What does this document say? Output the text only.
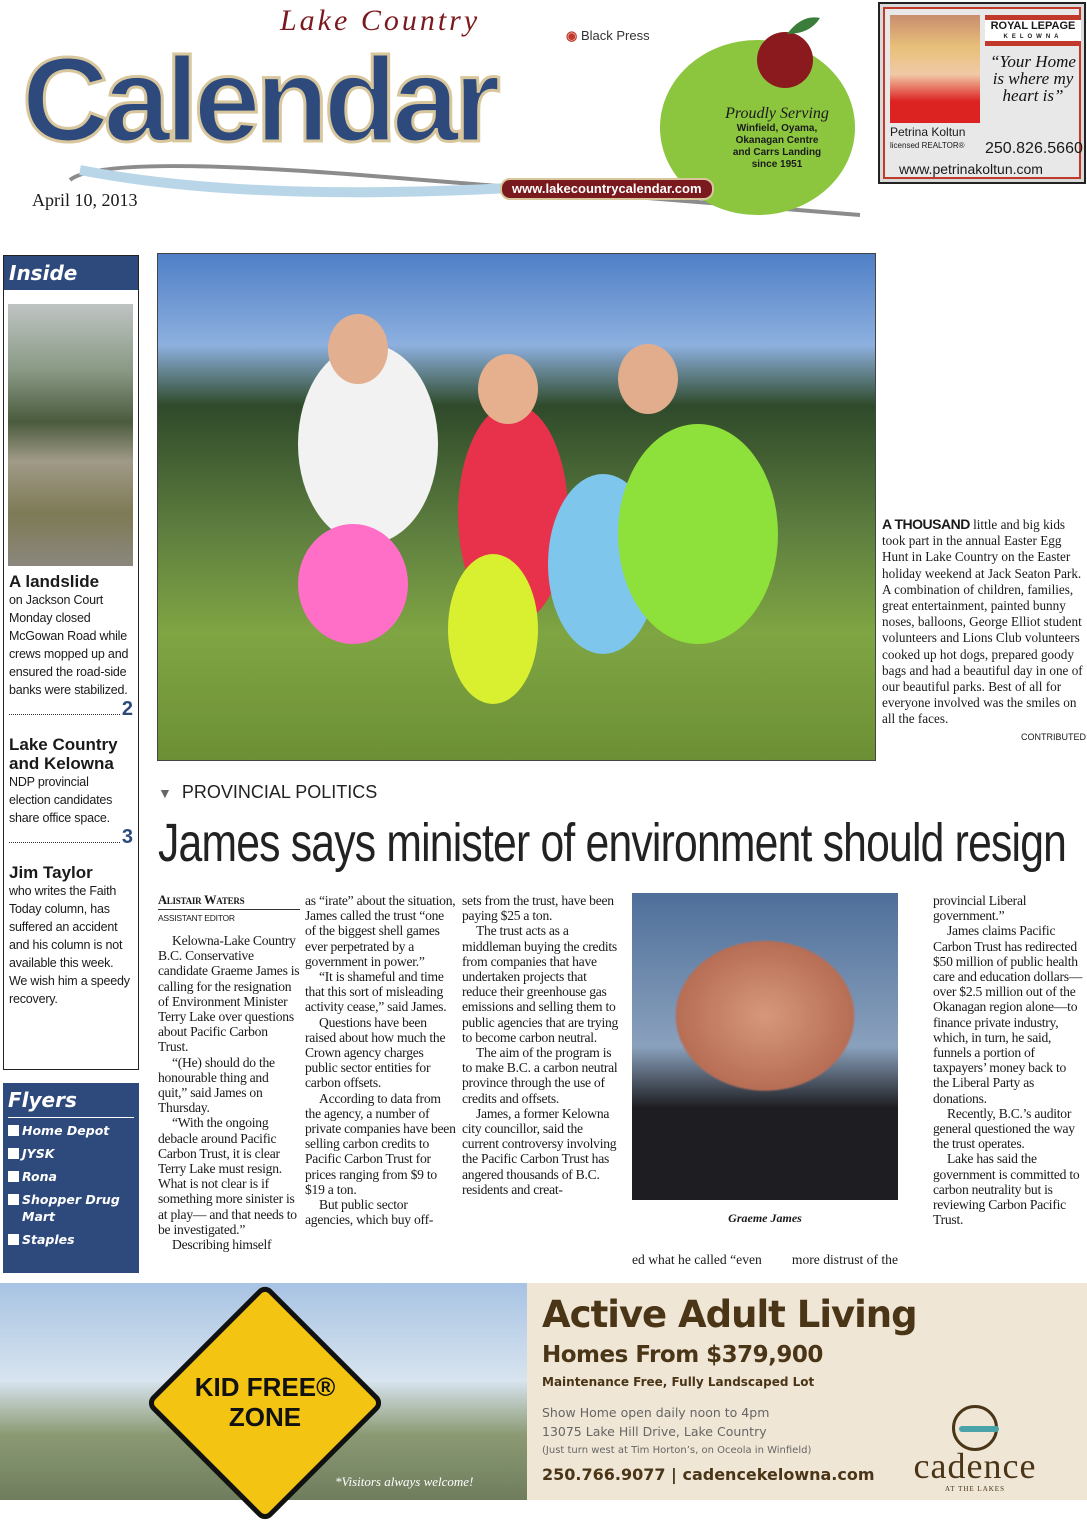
Calendar
Lake Country	◉ Black Press
www.lakecountrycalendar.com
Proudly Serving
Winfield, Oyama,
Okanagan Centre
and Carrs Landing
since 1951
April 10, 2013
ROYAL LEPAGE
KELOWNA
“Your Home is where my heart is”
Petrina Koltun
licensed REALTOR® 250.826.5660
www.petrinakoltun.com
Inside
A landslide

on Jackson Court Monday closed McGowan Road while crews mopped up and ensured the road-side banks were stabilized.

2
Lake Country and Kelowna

NDP provincial election candidates share office space.

3
Jim Taylor

who writes the Faith Today column, has suffered an accident and his column is not available this week. We wish him a speedy recovery.

Flyers
Home Depot
JYSK
Rona
Shopper Drug Mart
Staples
A THOUSAND little and big kids took part in the annual Easter Egg Hunt in Lake Country on the Easter holiday weekend at Jack Seaton Park. A combination of children, families, great entertainment, painted bunny noses, balloons, George Elliot student volunteers and Lions Club volunteers cooked up hot dogs, prepared goody bags and had a beautiful day in one of our beautiful parks. Best of all for everyone involved was the smiles on all the faces.
CONTRIBUTED
▼ PROVINCIAL POLITICS
James says minister of environment should resign
Alistair Waters
ASSISTANT EDITOR

Kelowna-Lake Country B.C. Conservative candidate Graeme James is calling for the resignation of Environment Minister Terry Lake over questions about Pacific Carbon Trust.

“(He) should do the honourable thing and quit,” said James on Thursday.

“With the ongoing debacle around Pacific Carbon Trust, it is clear Terry Lake must resign. What is not clear is if something more sinister is at play— and that needs to be investigated.”

Describing himself

as “irate” about the situation, James called the trust “one of the biggest shell games ever perpetrated by a government in power.”

“It is shameful and time that this sort of misleading activity cease,” said James.

Questions have been raised about how much the Crown agency charges public sector entities for carbon offsets.

According to data from the agency, a number of private companies have been selling carbon credits to Pacific Carbon Trust for prices ranging from $9 to $19 a ton.

But public sector agencies, which buy off-

sets from the trust, have been paying $25 a ton.

The trust acts as a middleman buying the credits from companies that have undertaken projects that reduce their greenhouse gas emissions and selling them to public agencies that are trying to become carbon neutral.

The aim of the program is to make B.C. a carbon neutral province through the use of credits and offsets.

James, a former Kelowna city councillor, said the current controversy involving the Pacific Carbon Trust has angered thousands of B.C. residents and creat-

Graeme James
ed what he called “even more distrust of the

provincial Liberal government.”

James claims Pacific Carbon Trust has redirected $50 million of public health care and education dollars— over $2.5 million out of the Okanagan region alone—to finance private industry, which, in turn, he said, funnels a portion of taxpayers’ money back to the Liberal Party as donations.

Recently, B.C.’s auditor general questioned the way the trust operates.

Lake has said the government is committed to carbon neutrality but is reviewing Carbon Pacific Trust.

KID FREE® ZONE
*Visitors always welcome!
Active Adult Living
Homes From $379,900
Maintenance Free, Fully Landscaped Lot
Show Home open daily noon to 4pm
13075 Lake Hill Drive, Lake Country
(Just turn west at Tim Horton’s, on Oceola in Winfield)
250.766.9077 | cadencekelowna.com	cadence
AT THE LAKES
